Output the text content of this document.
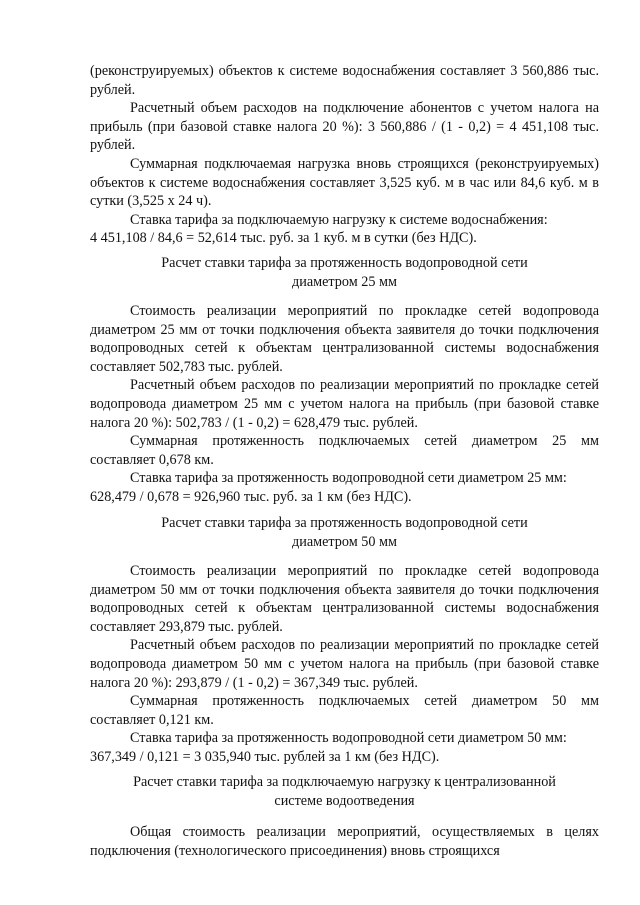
(реконструируемых) объектов к системе водоснабжения составляет 3 560,886 тыс. рублей.

Расчетный объем расходов на подключение абонентов с учетом налога на прибыль (при базовой ставке налога 20 %): 3 560,886 / (1 - 0,2) = 4 451,108 тыс. рублей.

Суммарная подключаемая нагрузка вновь строящихся (реконструируемых) объектов к системе водоснабжения составляет 3,525 куб. м в час или 84,6 куб. м в сутки (3,525 х 24 ч).

Ставка тарифа за подключаемую нагрузку к системе водоснабжения:

4 451,108 / 84,6 = 52,614 тыс. руб. за 1 куб. м в сутки (без НДС).

Расчет ставки тарифа за протяженность водопроводной сети

диаметром 25 мм

Стоимость реализации мероприятий по прокладке сетей водопровода диаметром 25 мм от точки подключения объекта заявителя до точки подключения водопроводных сетей к объектам централизованной системы водоснабжения составляет 502,783 тыс. рублей.

Расчетный объем расходов по реализации мероприятий по прокладке сетей водопровода диаметром 25 мм с учетом налога на прибыль (при базовой ставке налога 20 %): 502,783 / (1 - 0,2) = 628,479 тыс. рублей.

Суммарная протяженность подключаемых сетей диаметром 25 мм составляет 0,678 км.

Ставка тарифа за протяженность водопроводной сети диаметром 25 мм:

628,479 / 0,678 = 926,960 тыс. руб. за 1 км (без НДС).

Расчет ставки тарифа за протяженность водопроводной сети

диаметром 50 мм

Стоимость реализации мероприятий по прокладке сетей водопровода диаметром 50 мм от точки подключения объекта заявителя до точки подключения водопроводных сетей к объектам централизованной системы водоснабжения составляет 293,879 тыс. рублей.

Расчетный объем расходов по реализации мероприятий по прокладке сетей водопровода диаметром 50 мм с учетом налога на прибыль (при базовой ставке налога 20 %): 293,879 / (1 - 0,2) = 367,349 тыс. рублей.

Суммарная протяженность подключаемых сетей диаметром 50 мм составляет 0,121 км.

Ставка тарифа за протяженность водопроводной сети диаметром 50 мм:

367,349 / 0,121 = 3 035,940 тыс. рублей за 1 км (без НДС).

Расчет ставки тарифа за подключаемую нагрузку к централизованной

системе водоотведения

Общая стоимость реализации мероприятий, осуществляемых в целях подключения (технологического присоединения) вновь строящихся
